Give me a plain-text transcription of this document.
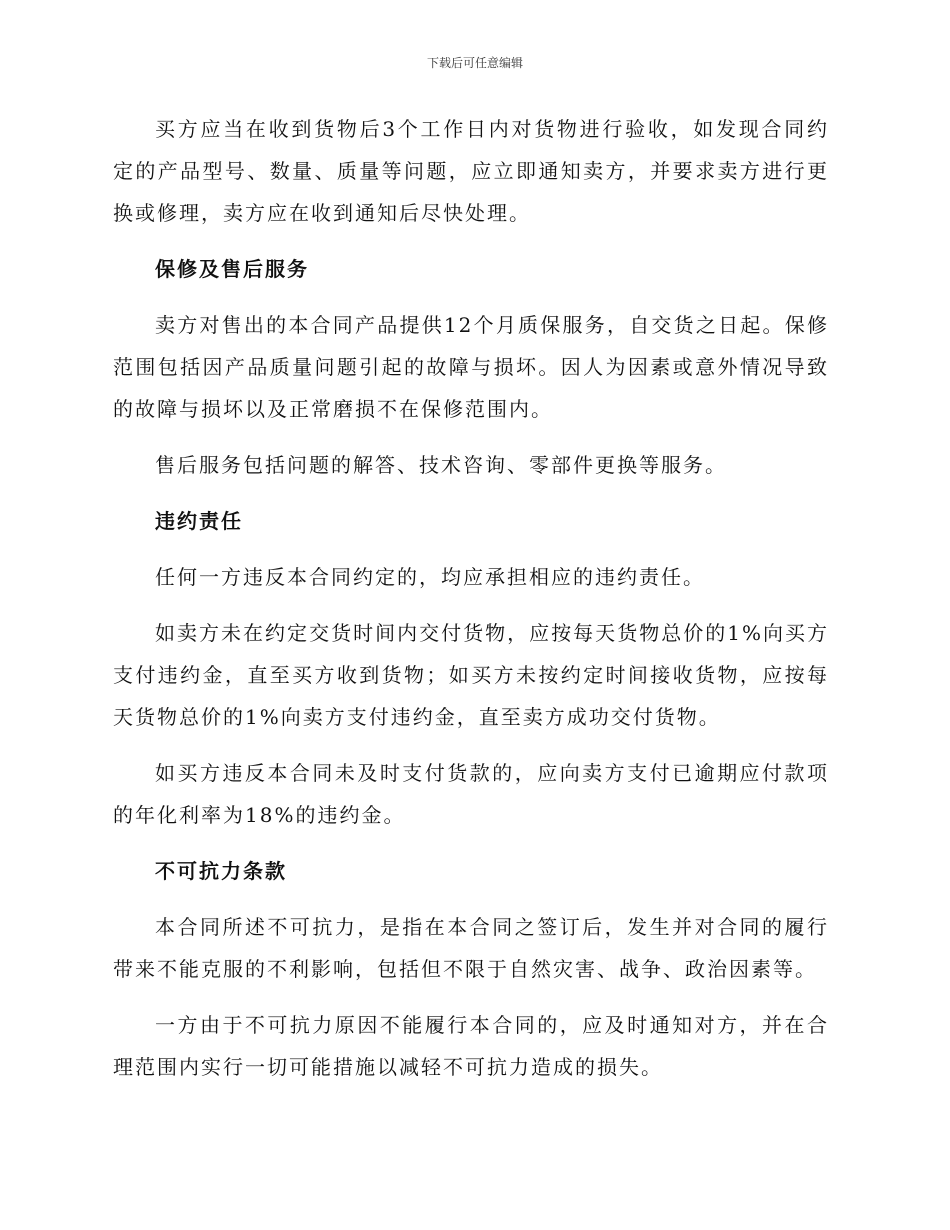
下载后可任意编辑

买方应当在收到货物后3个工作日内对货物进行验收，如发现合同约定的产品型号、数量、质量等问题，应立即通知卖方，并要求卖方进行更换或修理，卖方应在收到通知后尽快处理。

保修及售后服务

卖方对售出的本合同产品提供12个月质保服务，自交货之日起。保修范围包括因产品质量问题引起的故障与损坏。因人为因素或意外情况导致的故障与损坏以及正常磨损不在保修范围内。

售后服务包括问题的解答、技术咨询、零部件更换等服务。

违约责任

任何一方违反本合同约定的，均应承担相应的违约责任。

如卖方未在约定交货时间内交付货物，应按每天货物总价的1%向买方支付违约金，直至买方收到货物；如买方未按约定时间接收货物，应按每天货物总价的1%向卖方支付违约金，直至卖方成功交付货物。

如买方违反本合同未及时支付货款的，应向卖方支付已逾期应付款项的年化利率为18%的违约金。

不可抗力条款

本合同所述不可抗力，是指在本合同之签订后，发生并对合同的履行带来不能克服的不利影响，包括但不限于自然灾害、战争、政治因素等。

一方由于不可抗力原因不能履行本合同的，应及时通知对方，并在合理范围内实行一切可能措施以减轻不可抗力造成的损失。
